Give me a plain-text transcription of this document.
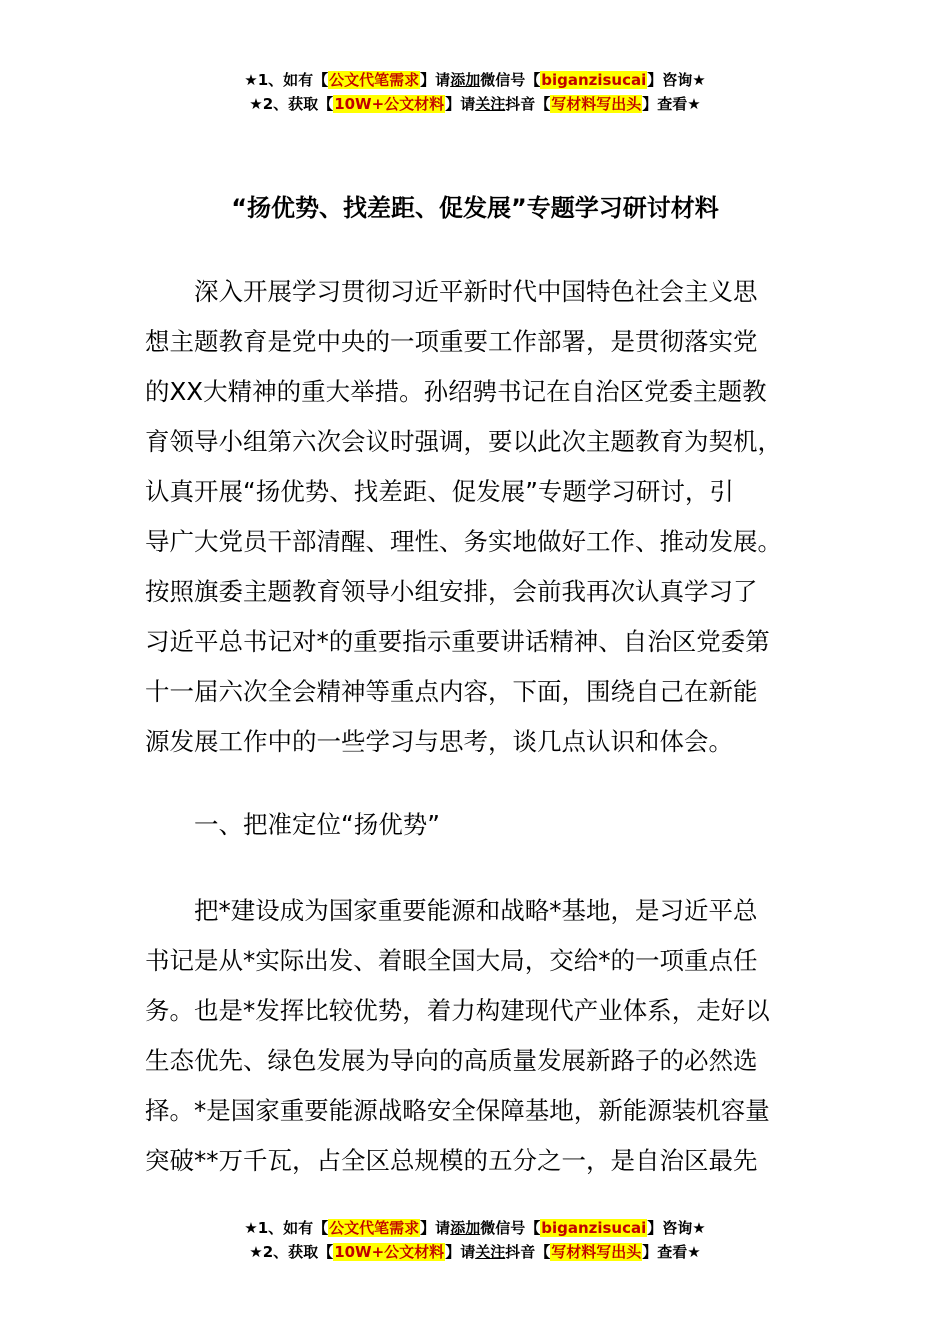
★1、如有【公文代笔需求】请添加微信号【biganzisucai】咨询★
★2、获取【10W+公文材料】请关注抖音【写材料写出头】查看★
“扬优势、找差距、促发展”专题学习研讨材料
　　深入开展学习贯彻习近平新时代中国特色社会主义思
想主题教育是党中央的一项重要工作部署，是贯彻落实党
的XX大精神的重大举措。孙绍骋书记在自治区党委主题教
育领导小组第六次会议时强调，要以此次主题教育为契机，
认真开展“扬优势、找差距、促发展”专题学习研讨，引
导广大党员干部清醒、理性、务实地做好工作、推动发展。
按照旗委主题教育领导小组安排，会前我再次认真学习了
习近平总书记对*的重要指示重要讲话精神、自治区党委第
十一届六次全会精神等重点内容，下面，围绕自己在新能
源发展工作中的一些学习与思考，谈几点认识和体会。
　　一、把准定位“扬优势”
　　把*建设成为国家重要能源和战略*基地，是习近平总
书记是从*实际出发、着眼全国大局，交给*的一项重点任
务。也是*发挥比较优势，着力构建现代产业体系，走好以
生态优先、绿色发展为导向的高质量发展新路子的必然选
择。*是国家重要能源战略安全保障基地，新能源装机容量
突破**万千瓦，占全区总规模的五分之一，是自治区最先
★1、如有【公文代笔需求】请添加微信号【biganzisucai】咨询★
★2、获取【10W+公文材料】请关注抖音【写材料写出头】查看★
